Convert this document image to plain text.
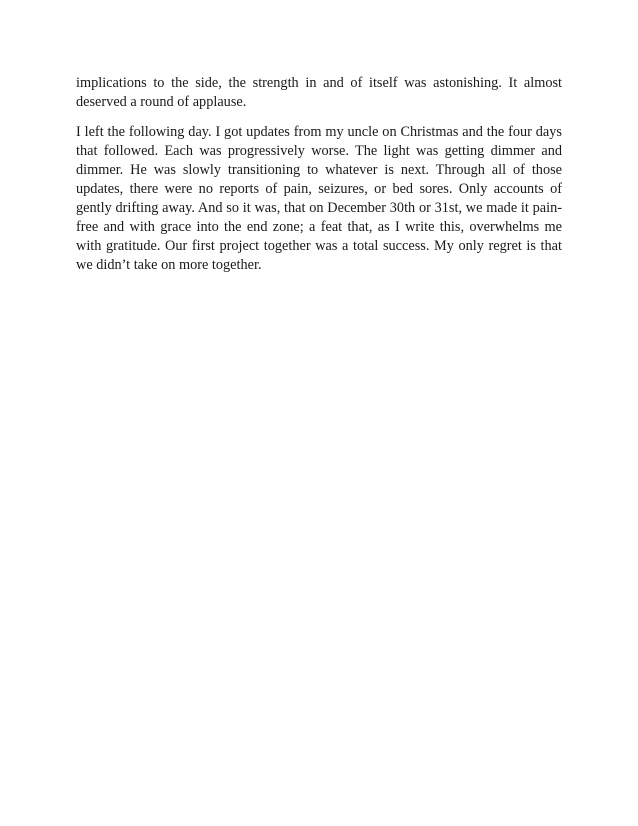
implications to the side, the strength in and of itself was astonishing. It almost deserved a round of applause.

I left the following day. I got updates from my uncle on Christmas and the four days that followed. Each was progressively worse. The light was getting dimmer and dimmer. He was slowly transitioning to whatever is next. Through all of those updates, there were no reports of pain, seizures, or bed sores. Only accounts of gently drifting away. And so it was, that on December 30th or 31st, we made it pain-free and with grace into the end zone; a feat that, as I write this, overwhelms me with gratitude. Our first project together was a total success. My only regret is that we didn’t take on more together.
